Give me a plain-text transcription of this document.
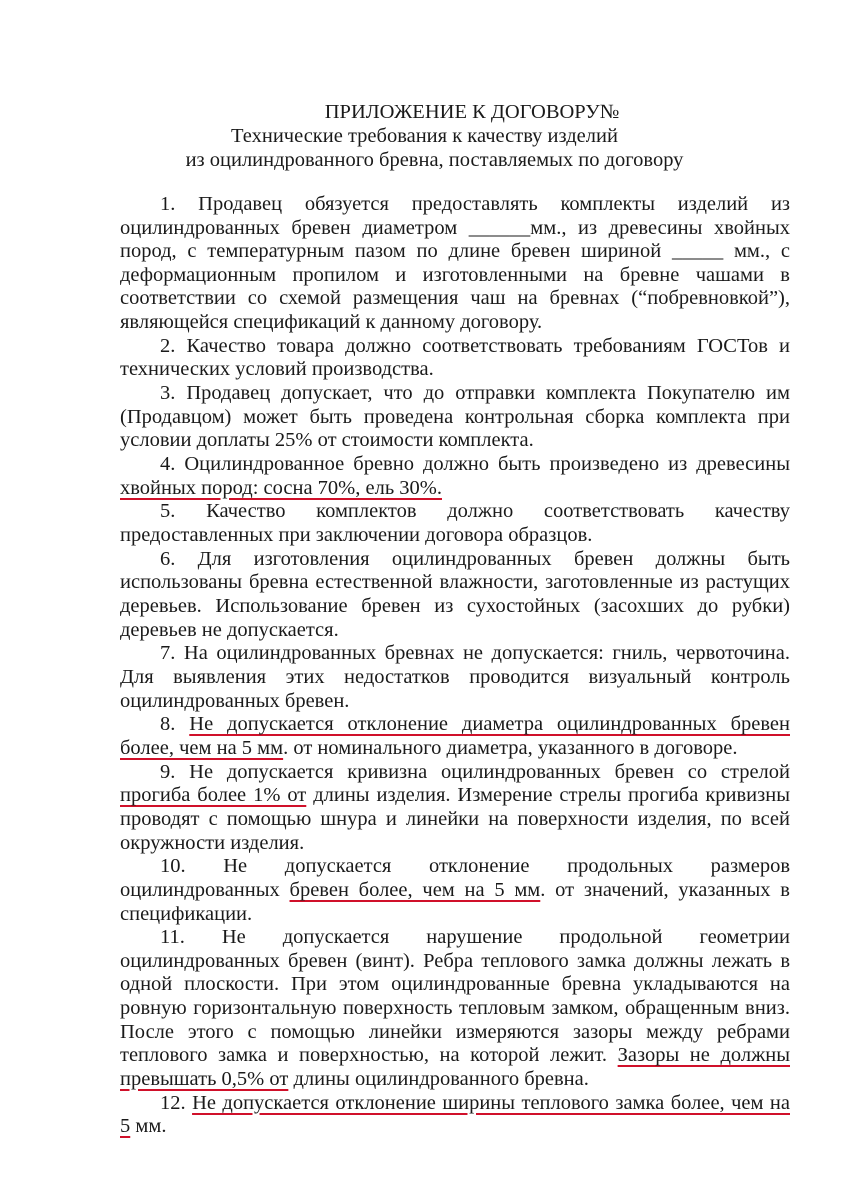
ПРИЛОЖЕНИЕ К ДОГОВОРУ№
Технические требования к качеству изделий
из оцилиндрованного бревна, поставляемых по договору

1. Продавец обязуется предоставлять комплекты изделий из оцилиндрованных бревен диаметром ______мм., из древесины хвойных пород, с температурным пазом по длине бревен шириной _____ мм., с деформационным пропилом и изготовленными на бревне чашами в соответствии со схемой размещения чаш на бревнах (“побревновкой”), являющейся спецификаций к данному договору.

2. Качество товара должно соответствовать требованиям ГОСТов и технических условий производства.

3. Продавец допускает, что до отправки комплекта Покупателю им (Продавцом) может быть проведена контрольная сборка комплекта при условии доплаты 25% от стоимости комплекта.

4. Оцилиндрованное бревно должно быть произведено из древесины хвойных пород: сосна 70%, ель 30%.

5. Качество комплектов должно соответствовать качеству предоставленных при заключении договора образцов.

6. Для изготовления оцилиндрованных бревен должны быть использованы бревна естественной влажности, заготовленные из растущих деревьев. Использование бревен из сухостойных (засохших до рубки) деревьев не допускается.

7. На оцилиндрованных бревнах не допускается: гниль, червоточина. Для выявления этих недостатков проводится визуальный контроль оцилиндрованных бревен.

8. Не допускается отклонение диаметра оцилиндрованных бревен более, чем на 5 мм. от номинального диаметра, указанного в договоре.

9. Не допускается кривизна оцилиндрованных бревен со стрелой прогиба более 1% от длины изделия. Измерение стрелы прогиба кривизны проводят с помощью шнура и линейки на поверхности изделия, по всей окружности изделия.

10. Не допускается отклонение продольных размеров оцилиндрованных бревен более, чем на 5 мм. от значений, указанных в спецификации.

11. Не допускается нарушение продольной геометрии оцилиндрованных бревен (винт). Ребра теплового замка должны лежать в одной плоскости. При этом оцилиндрованные бревна укладываются на ровную горизонтальную поверхность тепловым замком, обращенным вниз. После этого с помощью линейки измеряются зазоры между ребрами теплового замка и поверхностью, на которой лежит. Зазоры не должны превышать 0,5% от длины оцилиндрованного бревна.

12. Не допускается отклонение ширины теплового замка более, чем на 5 мм.
